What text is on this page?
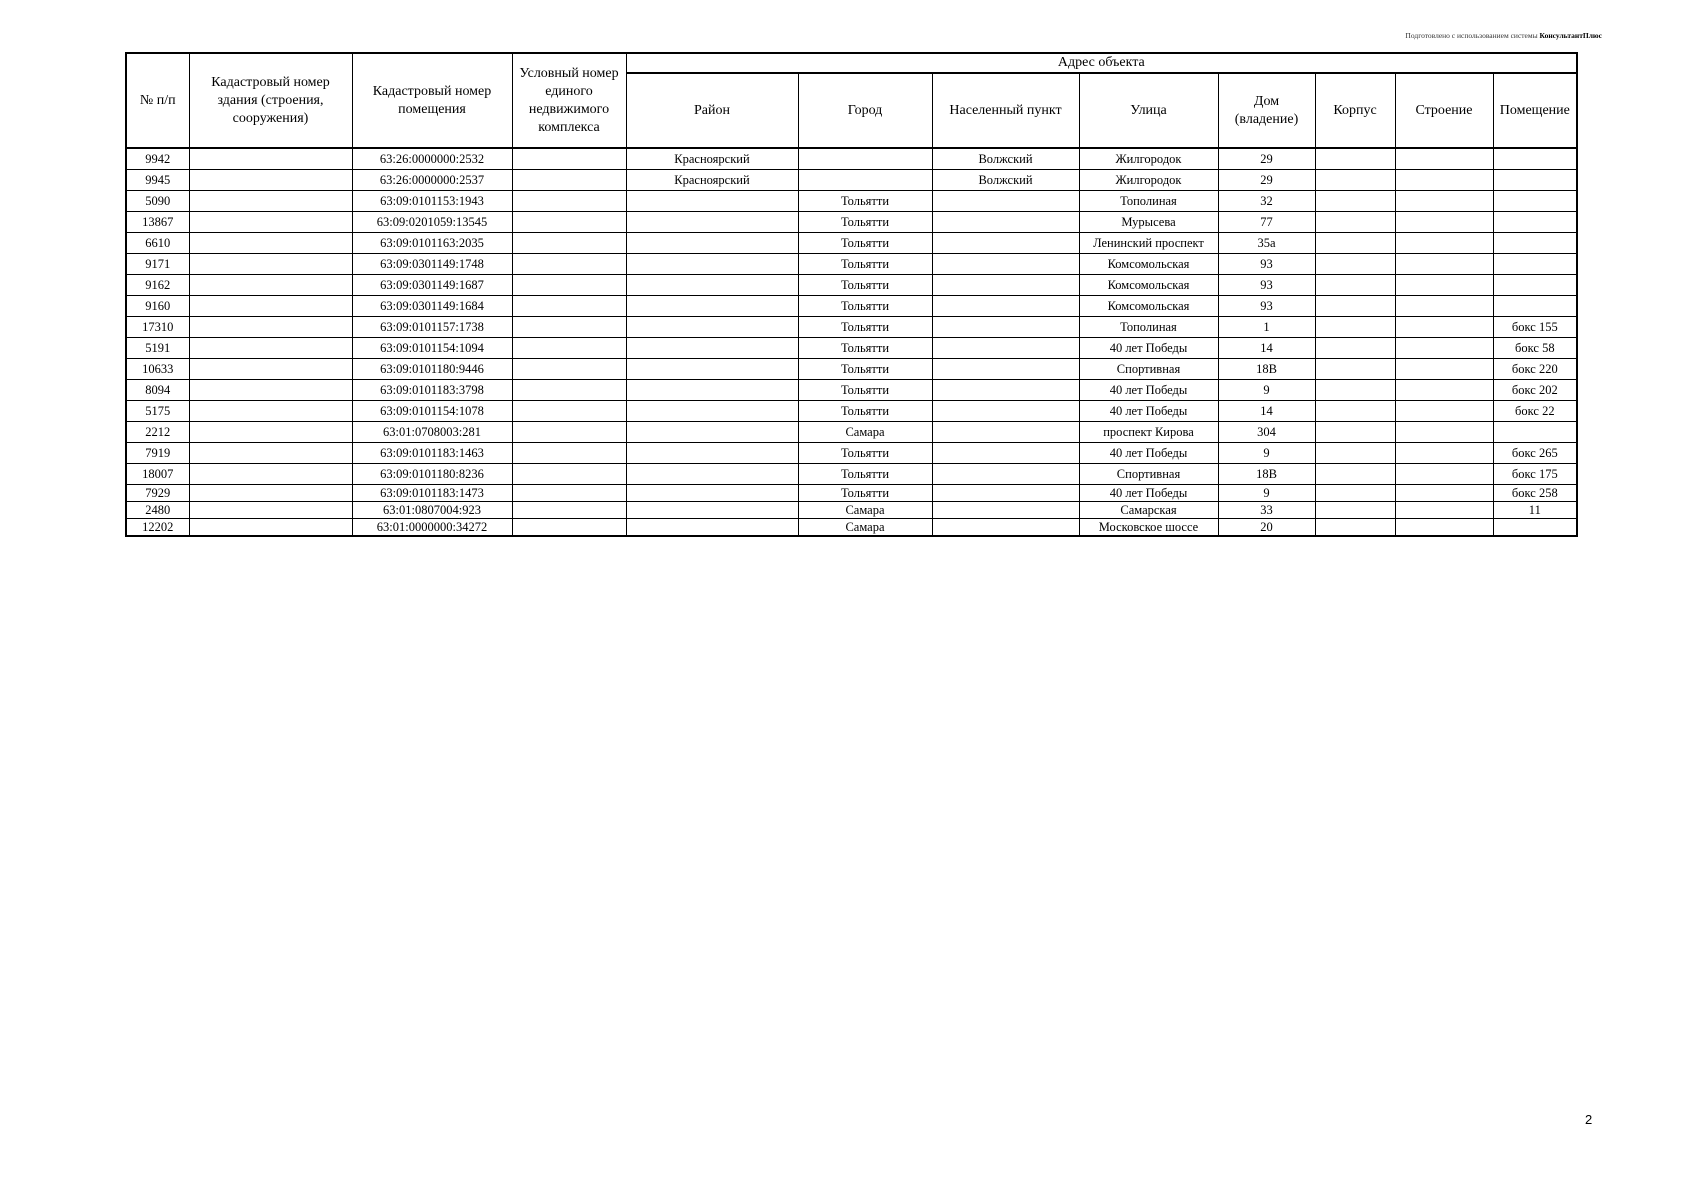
Подготовлено с использованием системы КонсультантПлюс
№ п/п	Кадастровый номер здания (строения, сооружения)	Кадастровый номер помещения	Условный номер единого недвижимого комплекса	Адрес объекта							
				Район	Город	Населенный пункт	Улица	Дом (владение)	Корпус	Строение	Помещение
9942		63:26:0000000:2532		Красноярский		Волжский	Жилгородок	29			
9945		63:26:0000000:2537		Красноярский		Волжский	Жилгородок	29			
5090		63:09:0101153:1943			Тольятти		Тополиная	32			
13867		63:09:0201059:13545			Тольятти		Мурысева	77			
6610		63:09:0101163:2035			Тольятти		Ленинский проспект	35а			
9171		63:09:0301149:1748			Тольятти		Комсомольская	93			
9162		63:09:0301149:1687			Тольятти		Комсомольская	93			
9160		63:09:0301149:1684			Тольятти		Комсомольская	93			
17310		63:09:0101157:1738			Тольятти		Тополиная	1			бокс 155
5191		63:09:0101154:1094			Тольятти		40 лет Победы	14			бокс 58
10633		63:09:0101180:9446			Тольятти		Спортивная	18В			бокс 220
8094		63:09:0101183:3798			Тольятти		40 лет Победы	9			бокс 202
5175		63:09:0101154:1078			Тольятти		40 лет Победы	14			бокс 22
2212		63:01:0708003:281			Самара		проспект Кирова	304			
7919		63:09:0101183:1463			Тольятти		40 лет Победы	9			бокс 265
18007		63:09:0101180:8236			Тольятти		Спортивная	18В			бокс 175
7929		63:09:0101183:1473			Тольятти		40 лет Победы	9			бокс 258
2480		63:01:0807004:923			Самара		Самарская	33			11
12202		63:01:0000000:34272			Самара		Московское шоссе	20			
2
